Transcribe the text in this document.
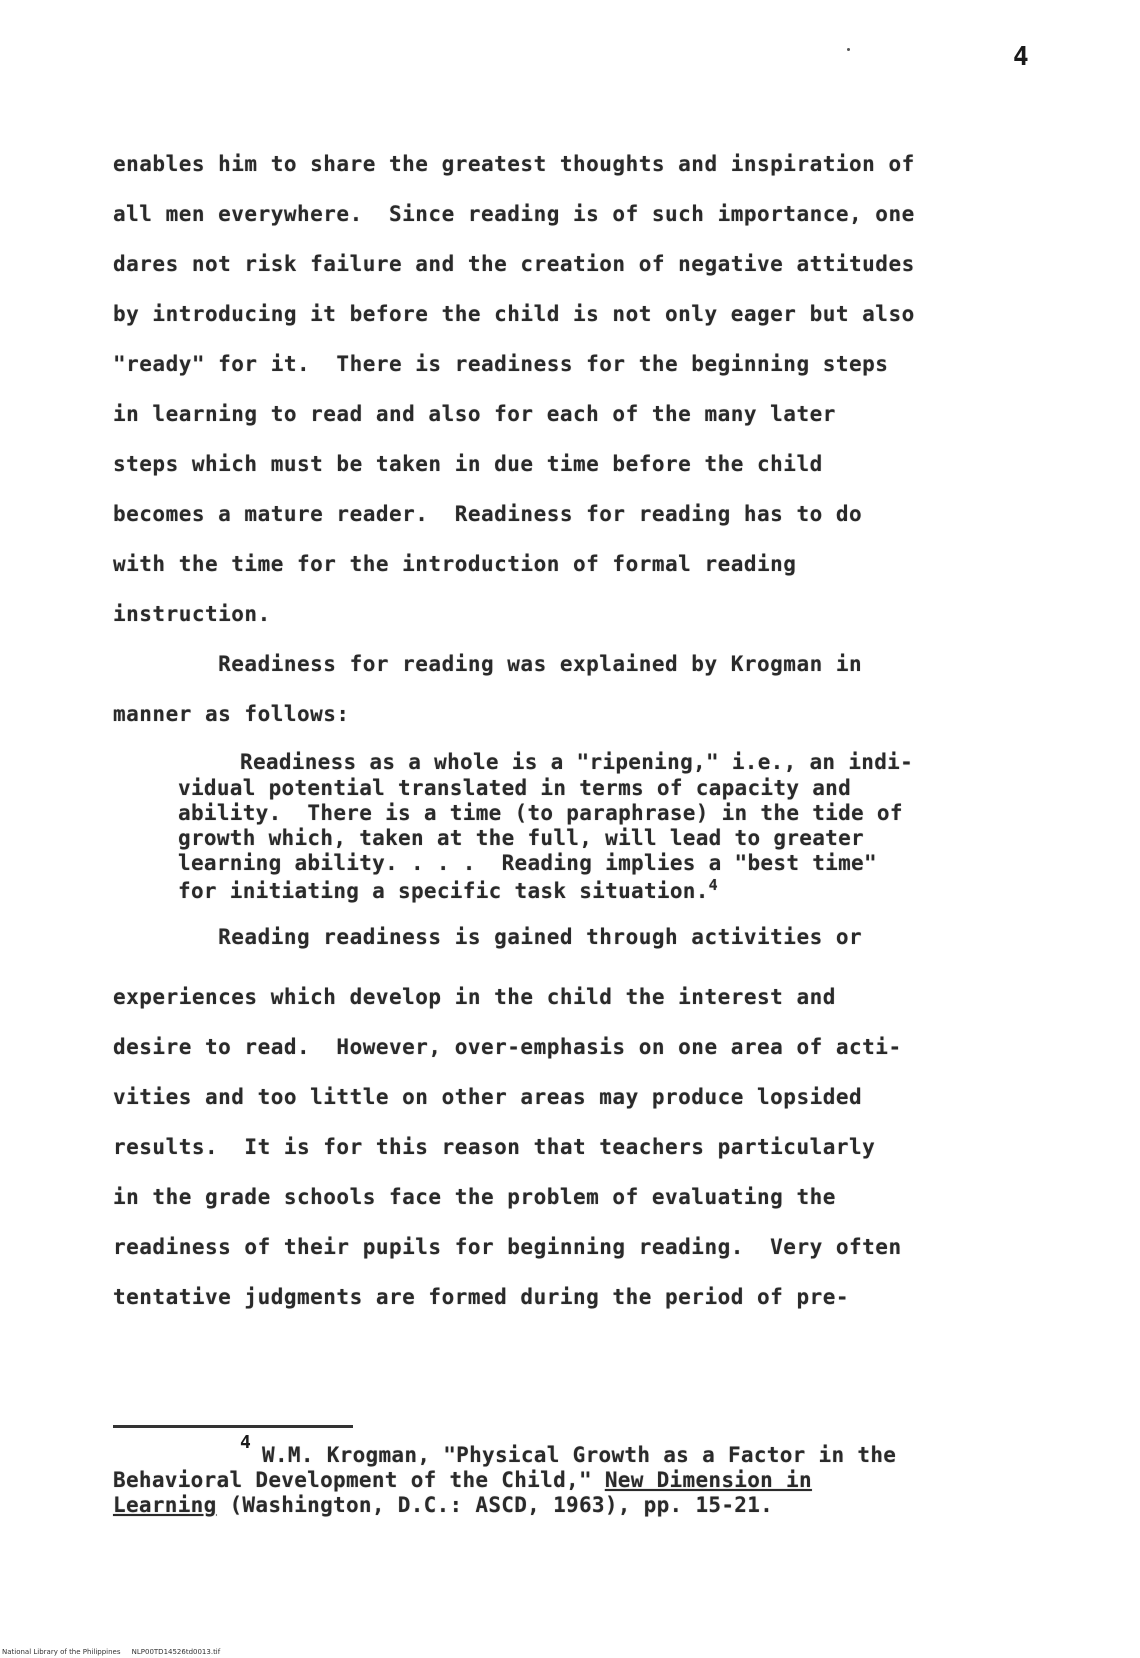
4
enables him to share the greatest thoughts and inspiration of
all men everywhere.  Since reading is of such importance, one
dares not risk failure and the creation of negative attitudes
by introducing it before the child is not only eager but also
"ready" for it.  There is readiness for the beginning steps
in learning to read and also for each of the many later
steps which must be taken in due time before the child
becomes a mature reader.  Readiness for reading has to do
with the time for the introduction of formal reading
instruction.
Readiness for reading was explained by Krogman in
manner as follows:
Readiness as a whole is a "ripening," i.e., an indi-
vidual potential translated in terms of capacity and
ability.  There is a time (to paraphrase) in the tide of
growth which, taken at the full, will lead to greater
learning ability. . . .  Reading implies a "best time"
for initiating a specific task situation.$^4$
Reading readiness is gained through activities or
experiences which develop in the child the interest and
desire to read.  However, over-emphasis on one area of acti-
vities and too little on other areas may produce lopsided
results.  It is for this reason that teachers particularly
in the grade schools face the problem of evaluating the
readiness of their pupils for beginning reading.  Very often
tentative judgments are formed during the period of pre-
4
W.M. Krogman, "Physical Growth as a Factor in the
Behavioral Development of the Child," New Dimension in
Learning (Washington, D.C.: ASCD, 1963), pp. 15-21.
National Library of the Philippines NLP00TD14526td0013.tif
